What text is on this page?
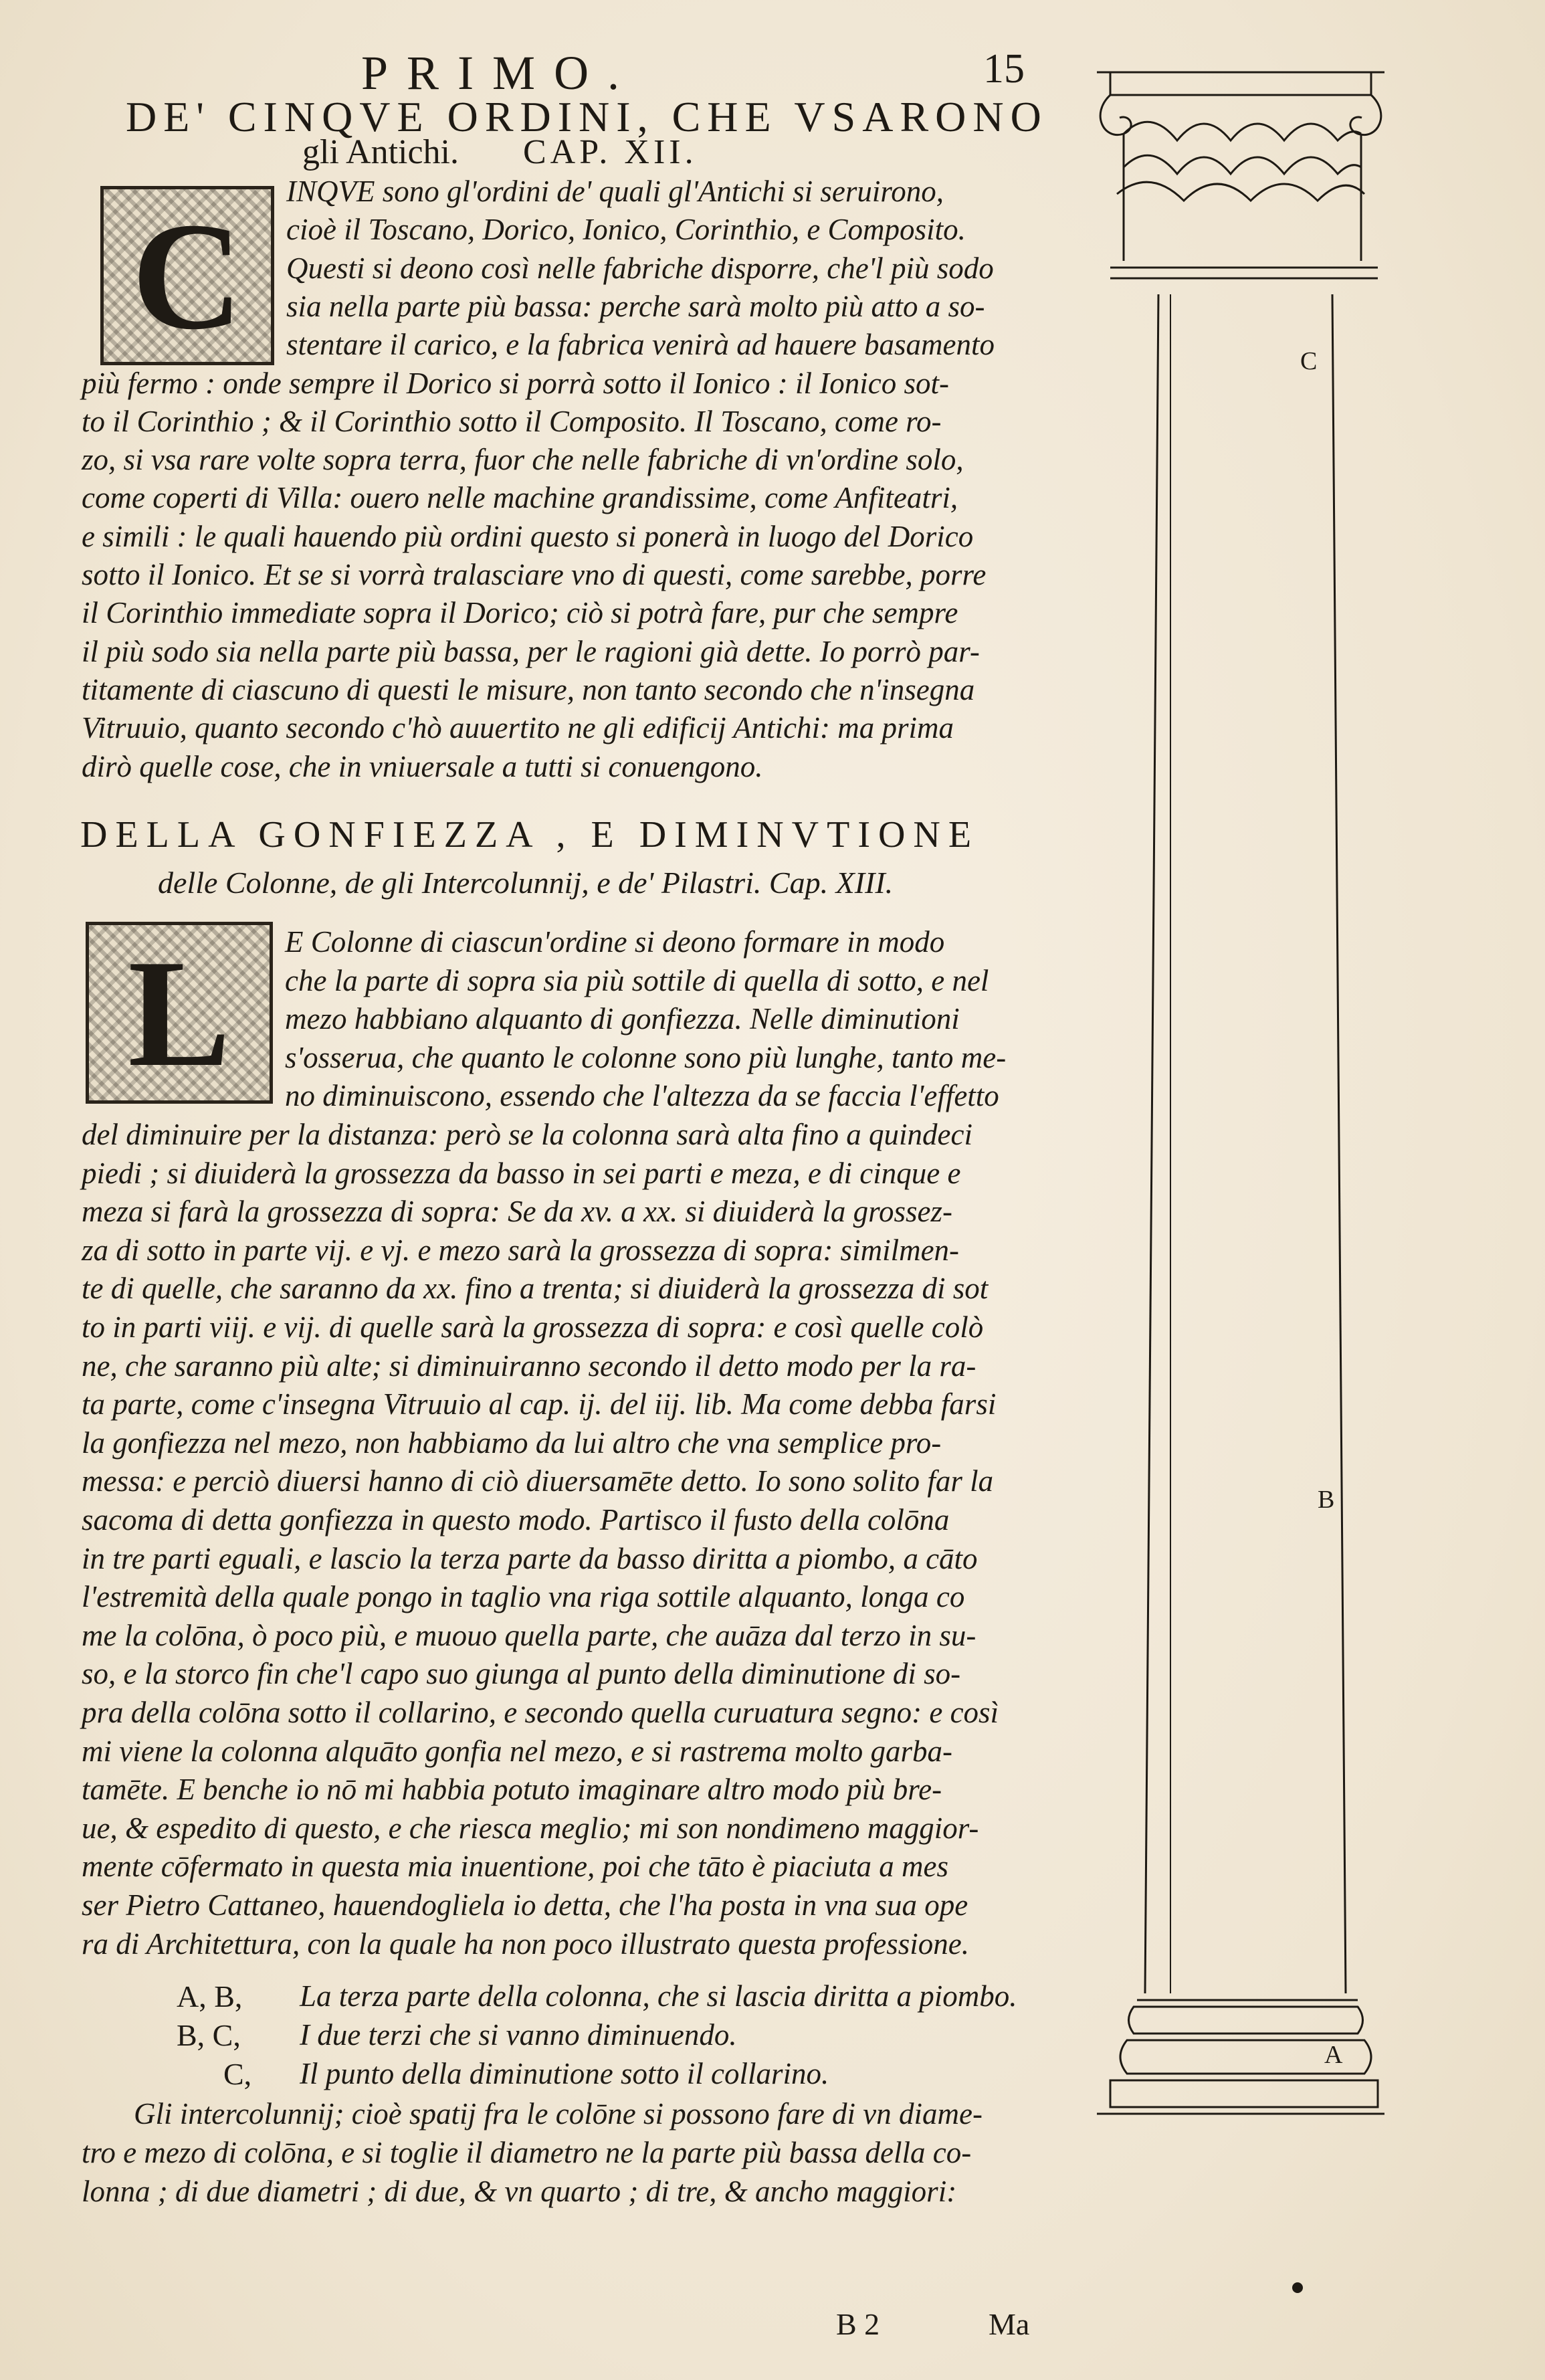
PRIMO.	15
DE' CINQVE ORDINI, CHE VSARONO
gli Antichi. CAP. XII.
C	INQVE sono gl'ordini de' quali gl'Antichi si seruirono,
cioè il Toscano, Dorico, Ionico, Corinthio, e Composito.
Questi si deono così nelle fabriche disporre, che'l più sodo
sia nella parte più bassa: perche sarà molto più atto a so-
stentare il carico, e la fabrica venirà ad hauere basamento
più fermo : onde sempre il Dorico si porrà sotto il Ionico : il Ionico sot-
to il Corinthio ; & il Corinthio sotto il Composito. Il Toscano, come ro-
zo, si vsa rare volte sopra terra, fuor che nelle fabriche di vn'ordine solo,
come coperti di Villa: ouero nelle machine grandissime, come Anfiteatri,
e simili : le quali hauendo più ordini questo si ponerà in luogo del Dorico
sotto il Ionico. Et se si vorrà tralasciare vno di questi, come sarebbe, porre
il Corinthio immediate sopra il Dorico; ciò si potrà fare, pur che sempre
il più sodo sia nella parte più bassa, per le ragioni già dette. Io porrò par-
titamente di ciascuno di questi le misure, non tanto secondo che n'insegna
Vitruuio, quanto secondo c'hò auuertito ne gli edificij Antichi: ma prima
dirò quelle cose, che in vniuersale a tutti si conuengono.
DELLA GONFIEZZA , E DIMINVTIONE
delle Colonne, de gli Intercolunnij, e de' Pilastri. Cap. XIII.
L	E Colonne di ciascun'ordine si deono formare in modo
che la parte di sopra sia più sottile di quella di sotto, e nel
mezo habbiano alquanto di gonfiezza. Nelle diminutioni
s'osserua, che quanto le colonne sono più lunghe, tanto me-
no diminuiscono, essendo che l'altezza da se faccia l'effetto
del diminuire per la distanza: però se la colonna sarà alta fino a quindeci
piedi ; si diuiderà la grossezza da basso in sei parti e meza, e di cinque e
meza si farà la grossezza di sopra: Se da xv. a xx. si diuiderà la grossez-
za di sotto in parte vij. e vj. e mezo sarà la grossezza di sopra: similmen-
te di quelle, che saranno da xx. fino a trenta; si diuiderà la grossezza di sot
to in parti viij. e vij. di quelle sarà la grossezza di sopra: e così quelle colò
ne, che saranno più alte; si diminuiranno secondo il detto modo per la ra-
ta parte, come c'insegna Vitruuio al cap. ij. del iij. lib. Ma come debba farsi
la gonfiezza nel mezo, non habbiamo da lui altro che vna semplice pro-
messa: e perciò diuersi hanno di ciò diuersamēte detto. Io sono solito far la
sacoma di detta gonfiezza in questo modo. Partisco il fusto della colōna
in tre parti eguali, e lascio la terza parte da basso diritta a piombo, a cāto
l'estremità della quale pongo in taglio vna riga sottile alquanto, longa co
me la colōna, ò poco più, e muouo quella parte, che auāza dal terzo in su-
so, e la storco fin che'l capo suo giunga al punto della diminutione di so-
pra della colōna sotto il collarino, e secondo quella curuatura segno: e così
mi viene la colonna alquāto gonfia nel mezo, e si rastrema molto garba-
tamēte. E benche io nō mi habbia potuto imaginare altro modo più bre-
ue, & espedito di questo, e che riesca meglio; mi son nondimeno maggior-
mente cōfermato in questa mia inuentione, poi che tāto è piaciuta a mes
ser Pietro Cattaneo, hauendogliela io detta, che l'ha posta in vna sua ope
ra di Architettura, con la quale ha non poco illustrato questa professione.
A, B, La terza parte della colonna, che si lascia diritta a piombo.
B, C, I due terzi che si vanno diminuendo.
C, Il punto della diminutione sotto il collarino.
Gli intercolunnij; cioè spatij fra le colōne si possono fare di vn diame-
tro e mezo di colōna, e si toglie il diametro ne la parte più bassa della co-
lonna ; di due diametri ; di due, & vn quarto ; di tre, & ancho maggiori:
B 2	Ma
C
B
A
